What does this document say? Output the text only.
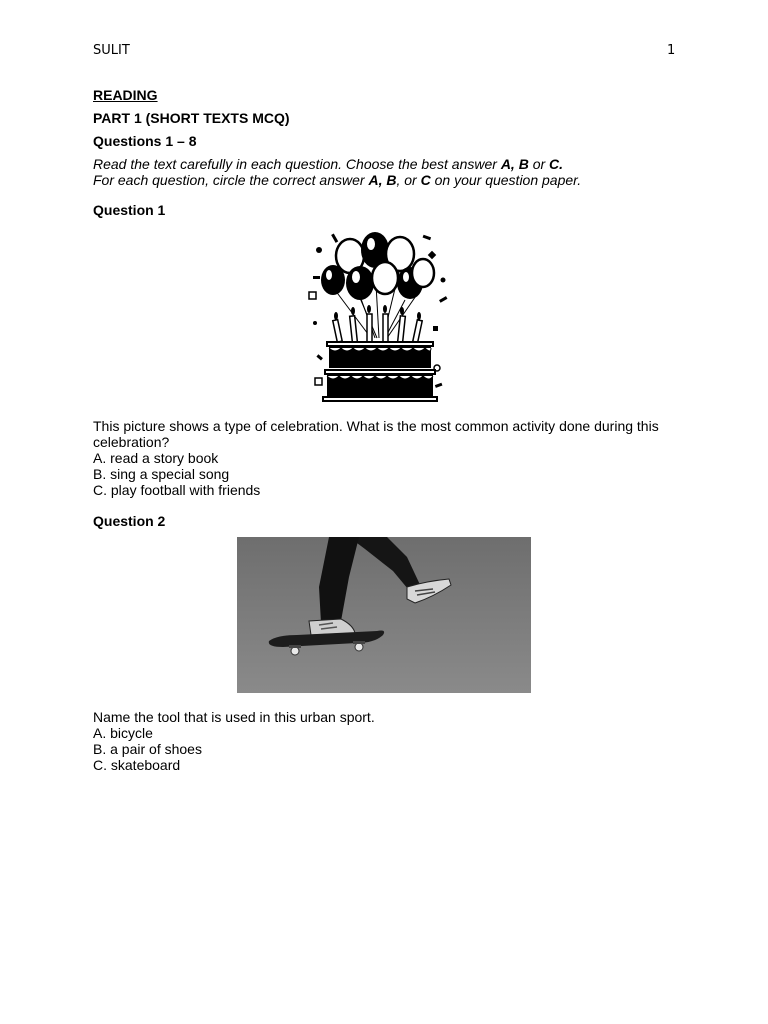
SULIT	1
READING
PART 1 (SHORT TEXTS MCQ)
Questions 1 – 8
Read the text carefully in each question. Choose the best answer A, B or C.
For each question, circle the correct answer A, B, or C on your question paper.
Question 1

This picture shows a type of celebration. What is the most common activity done during this celebration?

A. read a story book

B. sing a special song

C. play football with friends

Question 2

Name the tool that is used in this urban sport.

A. bicycle

B. a pair of shoes

C. skateboard
